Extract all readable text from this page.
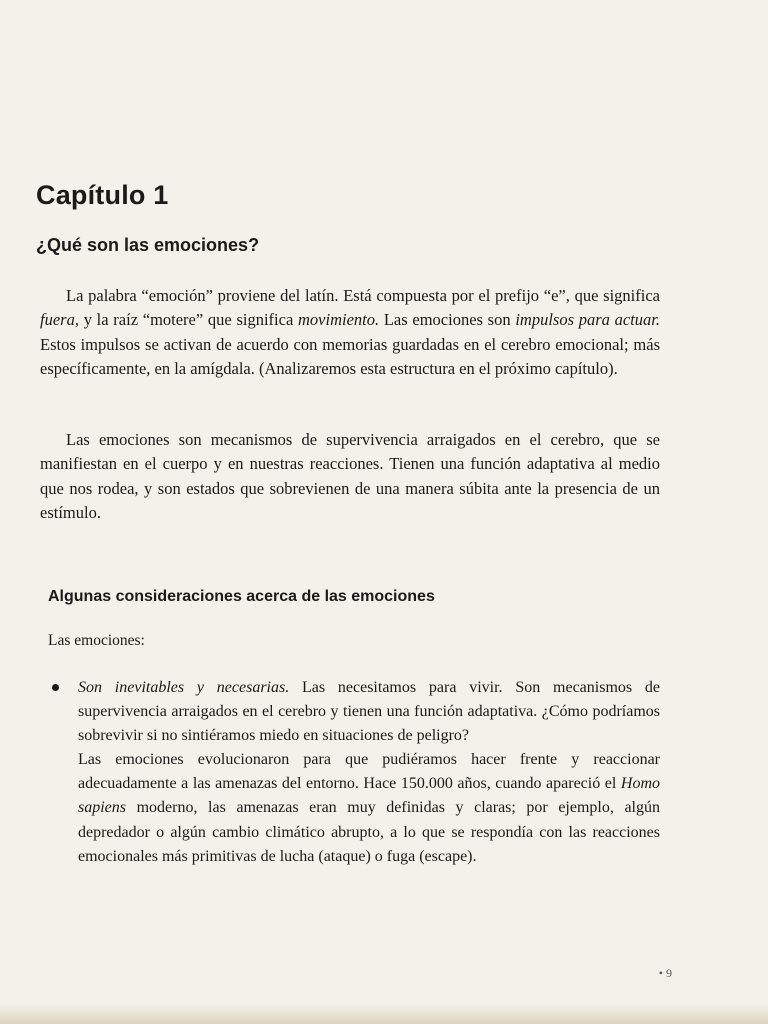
Capítulo 1
¿Qué son las emociones?

La palabra “emoción” proviene del latín. Está compuesta por el prefijo “e”, que significa fuera, y la raíz “motere” que significa movimiento. Las emociones son impulsos para actuar. Estos impulsos se activan de acuerdo con memorias guardadas en el cerebro emocional; más específicamente, en la amígdala. (Analizaremos esta estructura en el próximo capítulo).

Las emociones son mecanismos de supervivencia arraigados en el cerebro, que se manifiestan en el cuerpo y en nuestras reacciones. Tienen una función adaptativa al medio que nos rodea, y son estados que sobrevienen de una manera súbita ante la presencia de un estímulo.

Algunas consideraciones acerca de las emociones
Las emociones:

Son inevitables y necesarias. Las necesitamos para vivir. Son mecanismos de supervivencia arraigados en el cerebro y tienen una función adaptativa. ¿Cómo podríamos sobrevivir si no sintiéramos miedo en situaciones de peligro?

Las emociones evolucionaron para que pudiéramos hacer frente y reaccionar adecuadamente a las amenazas del entorno. Hace 150.000 años, cuando apareció el Homo sapiens moderno, las amenazas eran muy definidas y claras; por ejemplo, algún depredador o algún cambio climático abrupto, a lo que se respondía con las reacciones emocionales más primitivas de lucha (ataque) o fuga (escape).

• 9
